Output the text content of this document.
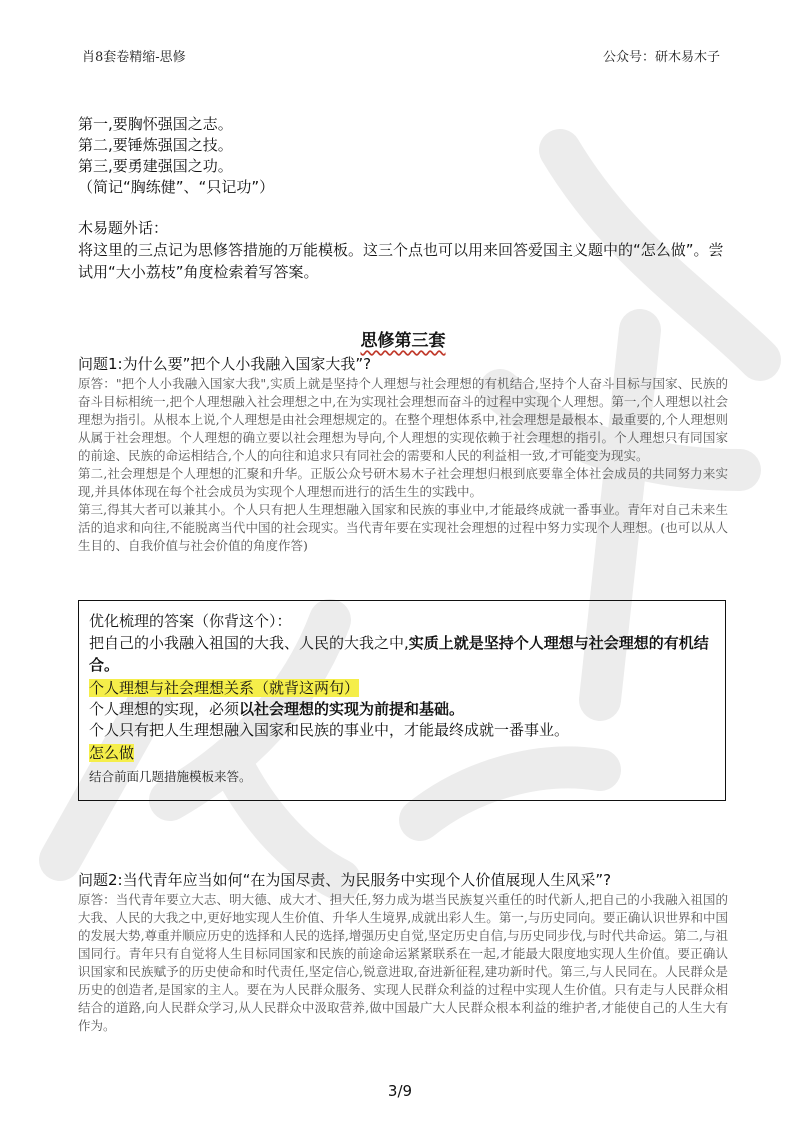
肖8套卷精缩-思修	公众号：研木易木子

第一,要胸怀强国之志。

第二,要锤炼强国之技。

第三,要勇建强国之功。

（简记“胸练健”、“只记功”）

木易题外话：

将这里的三点记为思修答措施的万能模板。这三个点也可以用来回答爱国主义题中的“怎么做”。尝试用“大小荔枝”角度检索着写答案。

思修第三套

问题1:为什么要”把个人小我融入国家大我”?

原答："把个人小我融入国家大我",实质上就是坚持个人理想与社会理想的有机结合,坚持个人奋斗目标与国家、民族的奋斗目标相统一,把个人理想融入社会理想之中,在为实现社会理想而奋斗的过程中实现个人理想。第一,个人理想以社会理想为指引。从根本上说,个人理想是由社会理想规定的。在整个理想体系中,社会理想是最根本、最重要的,个人理想则从属于社会理想。个人理想的确立要以社会理想为导向,个人理想的实现依赖于社会理想的指引。个人理想只有同国家的前途、民族的命运相结合,个人的向往和追求只有同社会的需要和人民的利益相一致,才可能变为现实。

第二,社会理想是个人理想的汇聚和升华。正版公众号研木易木子社会理想归根到底要靠全体社会成员的共同努力来实现,并具体体现在每个社会成员为实现个人理想而进行的活生生的实践中。

第三,得其大者可以兼其小。个人只有把人生理想融入国家和民族的事业中,才能最终成就一番事业。青年对自己未来生活的追求和向往,不能脱离当代中国的社会现实。当代青年要在实现社会理想的过程中努力实现个人理想。(也可以从人生目的、自我价值与社会价值的角度作答)

优化梳理的答案（你背这个）：

把自己的小我融入祖国的大我、人民的大我之中,实质上就是坚持个人理想与社会理想的有机结合。

个人理想与社会理想关系（就背这两句）

个人理想的实现，必须以社会理想的实现为前提和基础。

个人只有把人生理想融入国家和民族的事业中，才能最终成就一番事业。

怎么做

结合前面几题措施模板来答。

问题2:当代青年应当如何“在为国尽责、为民服务中实现个人价值展现人生风采”?

原答：当代青年要立大志、明大德、成大才、担大任,努力成为堪当民族复兴重任的时代新人,把自己的小我融入祖国的大我、人民的大我之中,更好地实现人生价值、升华人生境界,成就出彩人生。第一,与历史同向。要正确认识世界和中国的发展大势,尊重并顺应历史的选择和人民的选择,增强历史自觉,坚定历史自信,与历史同步伐,与时代共命运。第二,与祖国同行。青年只有自觉将人生目标同国家和民族的前途命运紧紧联系在一起,才能最大限度地实现人生价值。要正确认识国家和民族赋予的历史使命和时代责任,坚定信心,锐意进取,奋进新征程,建功新时代。第三,与人民同在。人民群众是历史的创造者,是国家的主人。要在为人民群众服务、实现人民群众利益的过程中实现人生价值。只有走与人民群众相结合的道路,向人民群众学习,从人民群众中汲取营养,做中国最广大人民群众根本利益的维护者,才能使自己的人生大有作为。

3/9
